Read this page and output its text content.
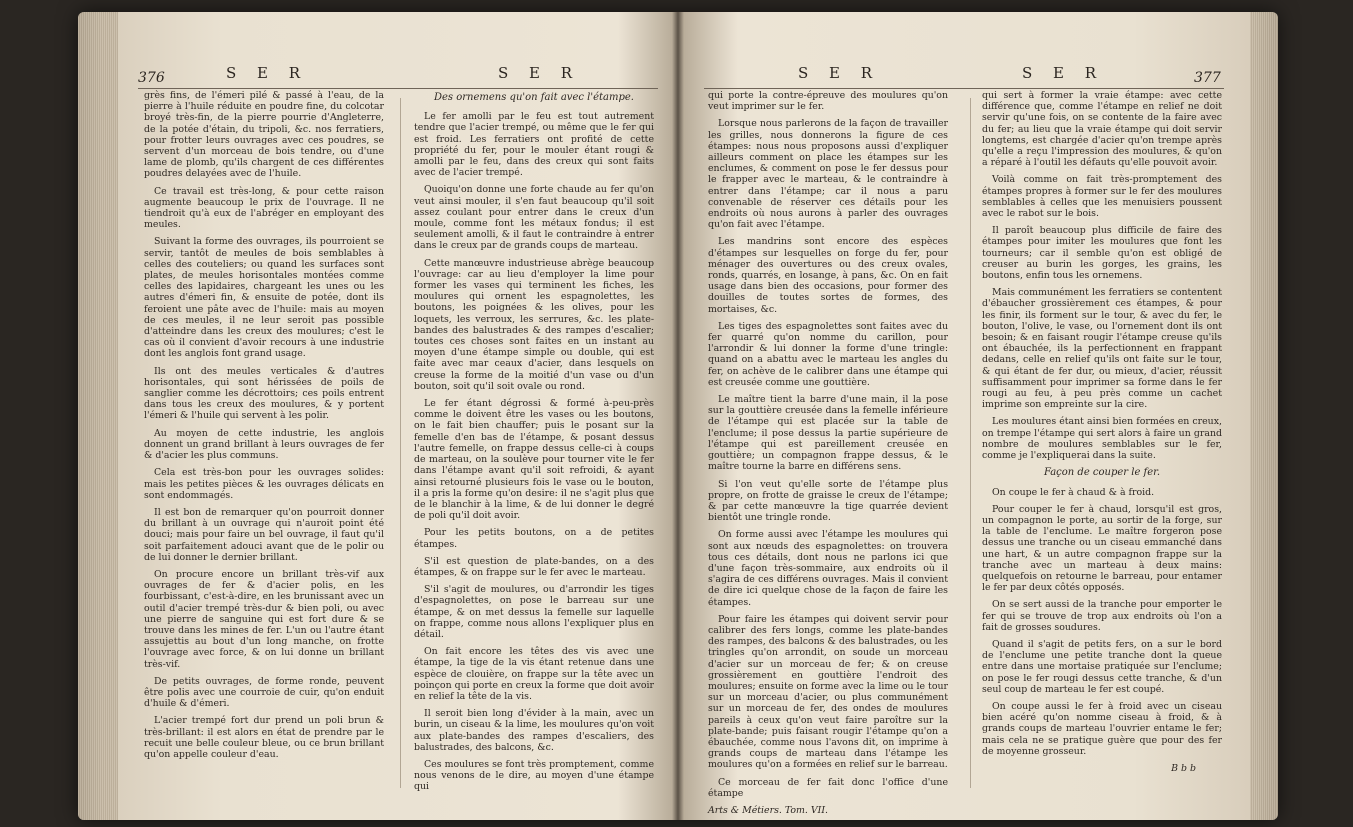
376	S E R	S E R

grès fins, de l'émeri pilé & passé à l'eau, de la pierre à l'huile réduite en poudre fine, du colcotar broyé très-fin, de la pierre pourrie d'Angleterre, de la potée d'étain, du tripoli, &c. nos ferratiers, pour frotter leurs ouvrages avec ces poudres, se servent d'un morceau de bois tendre, ou d'une lame de plomb, qu'ils chargent de ces différentes poudres delayées avec de l'huile.

Ce travail est très-long, & pour cette raison augmente beaucoup le prix de l'ouvrage. Il ne tiendroit qu'à eux de l'abréger en employant des meules.

Suivant la forme des ouvrages, ils pourroient se servir, tantôt de meules de bois semblables à celles des couteliers; ou quand les surfaces sont plates, de meules horisontales montées comme celles des lapidaires, chargeant les unes ou les autres d'émeri fin, & ensuite de potée, dont ils feroient une pâte avec de l'huile: mais au moyen de ces meules, il ne leur seroit pas possible d'atteindre dans les creux des moulures; c'est le cas où il convient d'avoir recours à une industrie dont les anglois font grand usage.

Ils ont des meules verticales & d'autres horisontales, qui sont hérissées de poils de sanglier comme les décrottoirs; ces poils entrent dans tous les creux des moulures, & y portent l'émeri & l'huile qui servent à les polir.

Au moyen de cette industrie, les anglois donnent un grand brillant à leurs ouvrages de fer & d'acier les plus communs.

Cela est très-bon pour les ouvrages solides: mais les petites pièces & les ouvrages délicats en sont endommagés.

Il est bon de remarquer qu'on pourroit donner du brillant à un ouvrage qui n'auroit point été douci; mais pour faire un bel ouvrage, il faut qu'il soit parfaitement adouci avant que de le polir ou de lui donner le dernier brillant.

On procure encore un brillant très-vif aux ouvrages de fer & d'acier polis, en les fourbissant, c'est-à-dire, en les brunissant avec un outil d'acier trempé très-dur & bien poli, ou avec une pierre de sanguine qui est fort dure & se trouve dans les mines de fer. L'un ou l'autre étant assujettis au bout d'un long manche, on frotte l'ouvrage avec force, & on lui donne un brillant très-vif.

De petits ouvrages, de forme ronde, peuvent être polis avec une courroie de cuir, qu'on enduit d'huile & d'émeri.

L'acier trempé fort dur prend un poli brun & très-brillant: il est alors en état de prendre par le recuit une belle couleur bleue, ou ce brun brillant qu'on appelle couleur d'eau.

Des ornemens qu'on fait avec l'étampe.

Le fer amolli par le feu est tout autrement tendre que l'acier trempé, ou même que le fer qui est froid. Les ferratiers ont profité de cette propriété du fer, pour le mouler étant rougi & amolli par le feu, dans des creux qui sont faits avec de l'acier trempé.

Quoiqu'on donne une forte chaude au fer qu'on veut ainsi mouler, il s'en faut beaucoup qu'il soit assez coulant pour entrer dans le creux d'un moule, comme font les métaux fondus; il est seulement amolli, & il faut le contraindre à entrer dans le creux par de grands coups de marteau.

Cette manœuvre industrieuse abrège beaucoup l'ouvrage: car au lieu d'employer la lime pour former les vases qui terminent les fiches, les moulures qui ornent les espagnolettes, les boutons, les poignées & les olives, pour les loquets, les verroux, les serrures, &c. les plate-bandes des balustrades & des rampes d'escalier; toutes ces choses sont faites en un instant au moyen d'une étampe simple ou double, qui est faite avec mar ceaux d'acier, dans lesquels on creuse la forme de la moitié d'un vase ou d'un bouton, soit qu'il soit ovale ou rond.

Le fer étant dégrossi & formé à-peu-près comme le doivent être les vases ou les boutons, on le fait bien chauffer; puis le posant sur la femelle d'en bas de l'étampe, & posant dessus l'autre femelle, on frappe dessus celle-ci à coups de marteau, on la soulève pour tourner vite le fer dans l'étampe avant qu'il soit refroidi, & ayant ainsi retourné plusieurs fois le vase ou le bouton, il a pris la forme qu'on desire: il ne s'agit plus que de le blanchir à la lime, & de lui donner le degré de poli qu'il doit avoir.

Pour les petits boutons, on a de petites étampes.

S'il est question de plate-bandes, on a des étampes, & on frappe sur le fer avec le marteau.

S'il s'agit de moulures, ou d'arrondir les tiges d'espagnolettes, on pose le barreau sur une étampe, & on met dessus la femelle sur laquelle on frappe, comme nous allons l'expliquer plus en détail.

On fait encore les têtes des vis avec une étampe, la tige de la vis étant retenue dans une espèce de clouière, on frappe sur la tête avec un poinçon qui porte en creux la forme que doit avoir en relief la tête de la vis.

Il seroit bien long d'évider à la main, avec un burin, un ciseau & la lime, les moulures qu'on voit aux plate-bandes des rampes d'escaliers, des balustrades, des balcons, &c.

Ces moulures se font très promptement, comme nous venons de le dire, au moyen d'une étampe qui

S E R	S E R	377

qui porte la contre-épreuve des moulures qu'on veut imprimer sur le fer.

Lorsque nous parlerons de la façon de travailler les grilles, nous donnerons la figure de ces étampes: nous nous proposons aussi d'expliquer ailleurs comment on place les étampes sur les enclumes, & comment on pose le fer dessus pour le frapper avec le marteau, & le contraindre à entrer dans l'étampe; car il nous a paru convenable de réserver ces détails pour les endroits où nous aurons à parler des ouvrages qu'on fait avec l'étampe.

Les mandrins sont encore des espèces d'étampes sur lesquelles on forge du fer, pour ménager des ouvertures ou des creux ovales, ronds, quarrés, en losange, à pans, &c. On en fait usage dans bien des occasions, pour former des douilles de toutes sortes de formes, des mortaises, &c.

Les tiges des espagnolettes sont faites avec du fer quarré qu'on nomme du carillon, pour l'arrondir & lui donner la forme d'une tringle: quand on a abattu avec le marteau les angles du fer, on achève de le calibrer dans une étampe qui est creusée comme une gouttière.

Le maître tient la barre d'une main, il la pose sur la gouttière creusée dans la femelle inférieure de l'étampe qui est placée sur la table de l'enclume; il pose dessus la partie supérieure de l'étampe qui est pareillement creusée en gouttière; un compagnon frappe dessus, & le maître tourne la barre en différens sens.

Si l'on veut qu'elle sorte de l'étampe plus propre, on frotte de graisse le creux de l'étampe; & par cette manœuvre la tige quarrée devient bientôt une tringle ronde.

On forme aussi avec l'étampe les moulures qui sont aux nœuds des espagnolettes: on trouvera tous ces détails, dont nous ne parlons ici que d'une façon très-sommaire, aux endroits où il s'agira de ces différens ouvrages. Mais il convient de dire ici quelque chose de la façon de faire les étampes.

Pour faire les étampes qui doivent servir pour calibrer des fers longs, comme les plate-bandes des rampes, des balcons & des balustrades, ou les tringles qu'on arrondit, on soude un morceau d'acier sur un morceau de fer; & on creuse grossièrement en gouttière l'endroit des moulures; ensuite on forme avec la lime ou le tour sur un morceau d'acier, ou plus communément sur un morceau de fer, des ondes de moulures pareils à ceux qu'on veut faire paroître sur la plate-bande; puis faisant rougir l'étampe qu'on a ébauchée, comme nous l'avons dit, on imprime à grands coups de marteau dans l'étampe les moulures qu'on a formées en relief sur le barreau.

Ce morceau de fer fait donc l'office d'une étampe

Arts & Métiers. Tom. VII.

qui sert à former la vraie étampe: avec cette différence que, comme l'étampe en relief ne doit servir qu'une fois, on se contente de la faire avec du fer; au lieu que la vraie étampe qui doit servir longtems, est chargée d'acier qu'on trempe après qu'elle a reçu l'impression des moulures, & qu'on a réparé à l'outil les défauts qu'elle pouvoit avoir.

Voilà comme on fait très-promptement des étampes propres à former sur le fer des moulures semblables à celles que les menuisiers poussent avec le rabot sur le bois.

Il paroît beaucoup plus difficile de faire des étampes pour imiter les moulures que font les tourneurs; car il semble qu'on est obligé de creuser au burin les gorges, les grains, les boutons, enfin tous les ornemens.

Mais communément les ferratiers se contentent d'ébaucher grossièrement ces étampes, & pour les finir, ils forment sur le tour, & avec du fer, le bouton, l'olive, le vase, ou l'ornement dont ils ont besoin; & en faisant rougir l'étampe creuse qu'ils ont ébauchée, ils la perfectionnent en frappant dedans, celle en relief qu'ils ont faite sur le tour, & qui étant de fer dur, ou mieux, d'acier, réussit suffisamment pour imprimer sa forme dans le fer rougi au feu, à peu près comme un cachet imprime son empreinte sur la cire.

Les moulures étant ainsi bien formées en creux, on trempe l'étampe qui sert alors à faire un grand nombre de moulures semblables sur le fer, comme je l'expliquerai dans la suite.

Façon de couper le fer.

On coupe le fer à chaud & à froid.

Pour couper le fer à chaud, lorsqu'il est gros, un compagnon le porte, au sortir de la forge, sur la table de l'enclume. Le maître forgeron pose dessus une tranche ou un ciseau emmanché dans une hart, & un autre compagnon frappe sur la tranche avec un marteau à deux mains: quelquefois on retourne le barreau, pour entamer le fer par deux côtés opposés.

On se sert aussi de la tranche pour emporter le fer qui se trouve de trop aux endroits où l'on a fait de grosses soudures.

Quand il s'agit de petits fers, on a sur le bord de l'enclume une petite tranche dont la queue entre dans une mortaise pratiquée sur l'enclume; on pose le fer rougi dessus cette tranche, & d'un seul coup de marteau le fer est coupé.

On coupe aussi le fer à froid avec un ciseau bien acéré qu'on nomme ciseau à froid, & à grands coups de marteau l'ouvrier entame le fer; mais cela ne se pratique guère que pour des fer de moyenne grosseur.

B b b
